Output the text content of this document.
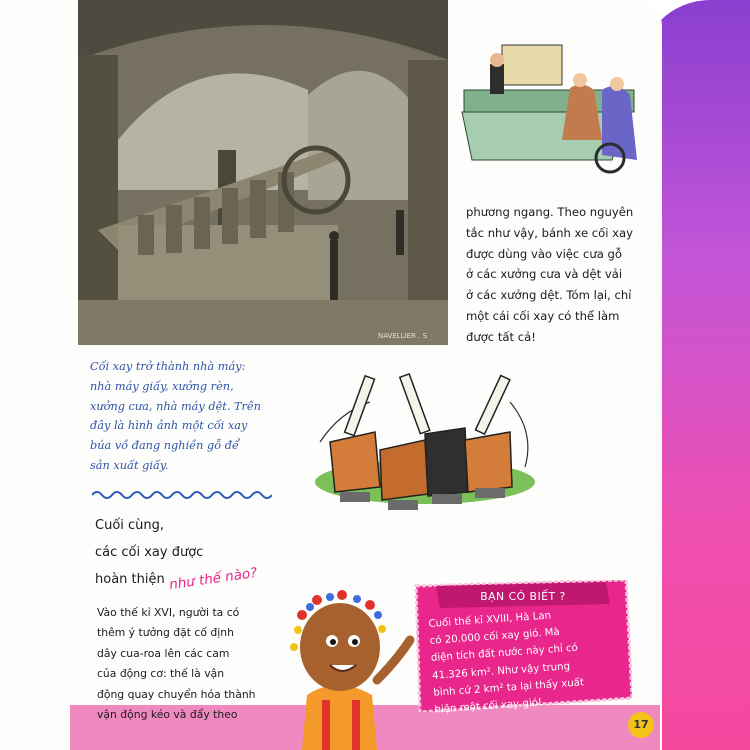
NAVELLIER . S
phương ngang. Theo nguyên
tắc như vậy, bánh xe cối xay
được dùng vào việc cưa gỗ
ở các xưởng cưa và dệt vải
ở các xưởng dệt. Tóm lại, chỉ
một cái cối xay có thể làm
được tất cả!
Cối xay trở thành nhà máy:
nhà máy giấy, xưởng rèn,
xưởng cưa, nhà máy dệt. Trên
đây là hình ảnh một cối xay
búa vồ đang nghiền gỗ để
sản xuất giấy.
Cuối cùng,
các cối xay được
hoàn thiện như thế nào?
Vào thế kỉ XVI, người ta có
thêm ý tưởng đặt cố định
dây cua-roa lên các cam
của động cơ: thế là vận
động quay chuyển hóa thành
vận động kéo và đẩy theo
BẠN CÓ BIẾT ?
Cuối thế kỉ XVIII, Hà Lan
có 20.000 cối xay gió. Mà
diện tích đất nước này chỉ có
41.326 km². Như vậy trung
bình cứ 2 km² ta lại thấy xuất
hiện một cối xay gió!
17
